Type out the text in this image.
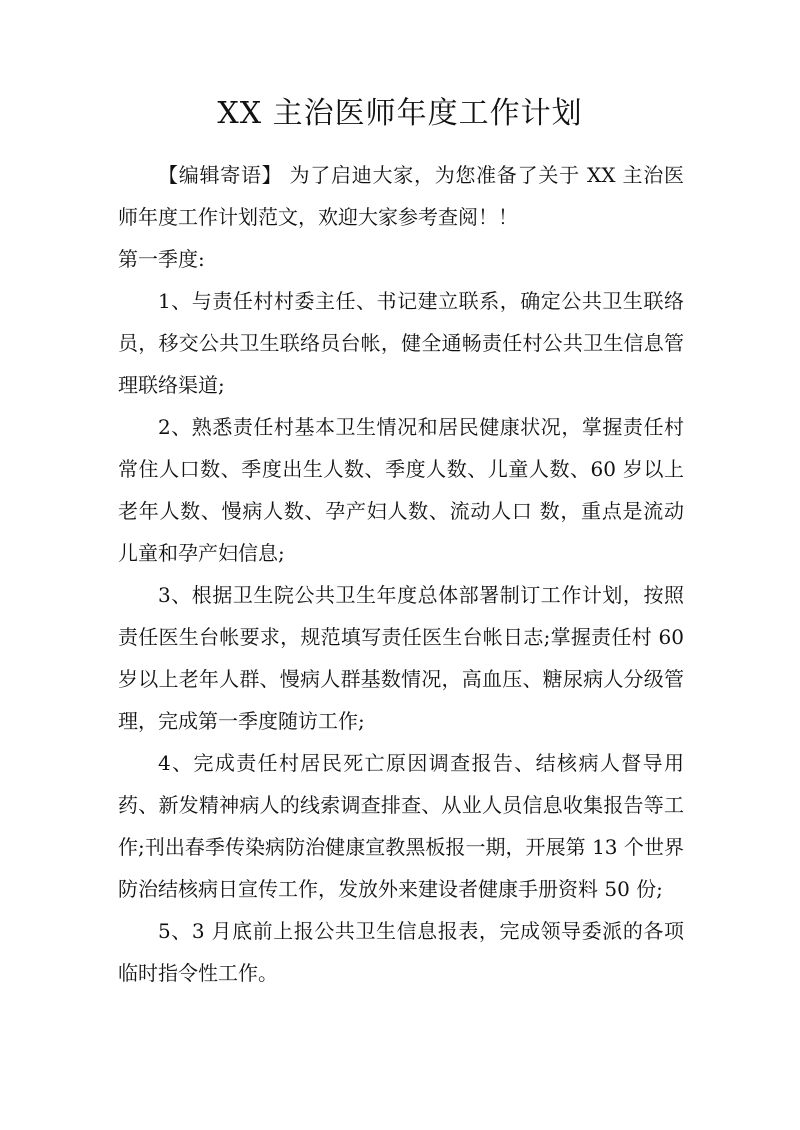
XX 主治医师年度工作计划

【编辑寄语】 为了启迪大家，为您准备了关于 XX 主治医师年度工作计划范文，欢迎大家参考查阅！！

第一季度:

1、与责任村村委主任、书记建立联系，确定公共卫生联络员，移交公共卫生联络员台帐，健全通畅责任村公共卫生信息管理联络渠道;

2、熟悉责任村基本卫生情况和居民健康状况，掌握责任村常住人口数、季度出生人数、季度人数、儿童人数、60 岁以上老年人数、慢病人数、孕产妇人数、流动人口 数，重点是流动儿童和孕产妇信息;

3、根据卫生院公共卫生年度总体部署制订工作计划，按照责任医生台帐要求，规范填写责任医生台帐日志;掌握责任村 60 岁以上老年人群、慢病人群基数情况，高血压、糖尿病人分级管理，完成第一季度随访工作;

4、完成责任村居民死亡原因调查报告、结核病人督导用药、新发精神病人的线索调查排查、从业人员信息收集报告等工作;刊出春季传染病防治健康宣教黑板报一期，开展第 13 个世界防治结核病日宣传工作，发放外来建设者健康手册资料 50 份;

5、3 月底前上报公共卫生信息报表，完成领导委派的各项临时指令性工作。
